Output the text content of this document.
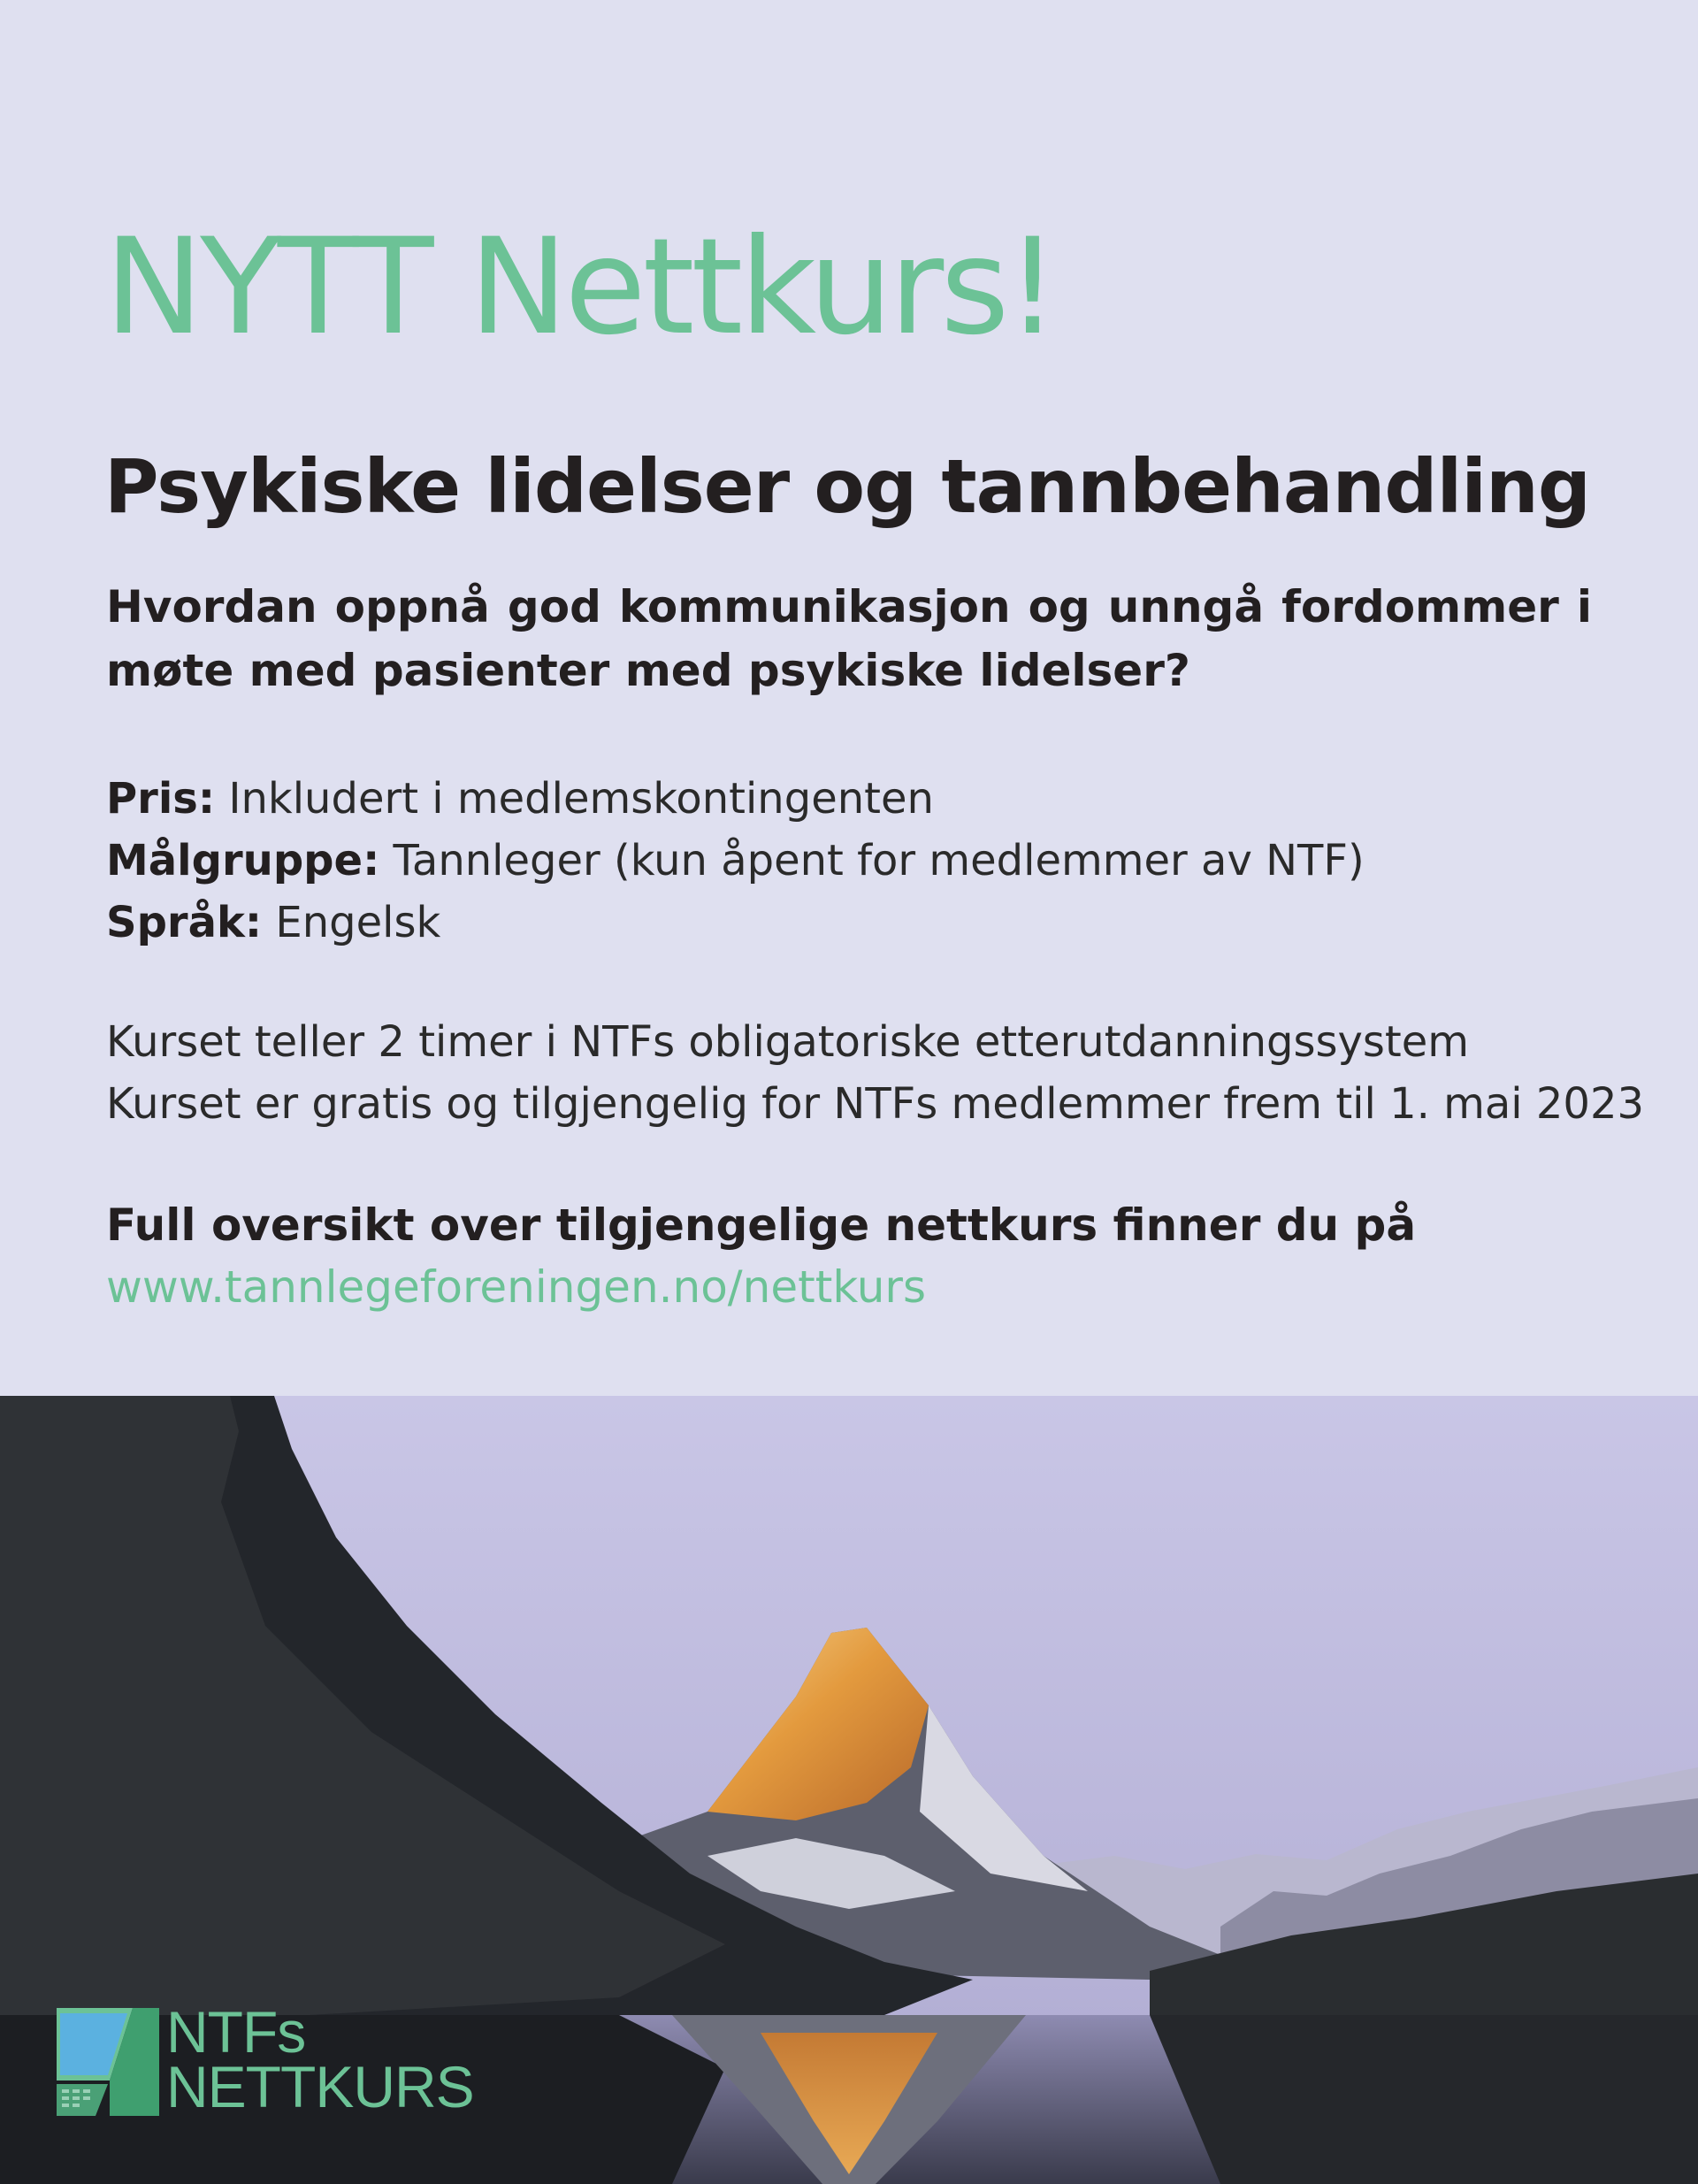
NYTT Nettkurs!
Psykiske lidelser og tannbehandling

Hvordan oppnå god kommunikasjon og unngå fordommer i møte med pasienter med psykiske lidelser?

Pris: Inkludert i medlemskontingenten
Målgruppe: Tannleger (kun åpent for medlemmer av NTF)
Språk: Engelsk
Kurset teller 2 timer i NTFs obligatoriske etterutdanningssystem
Kurset er gratis og tilgjengelig for NTFs medlemmer frem til 1. mai 2023
Full oversikt over tilgjengelige nettkurs finner du på
www.tannlegeforeningen.no/nettkurs
NTFs
NETTKURS
